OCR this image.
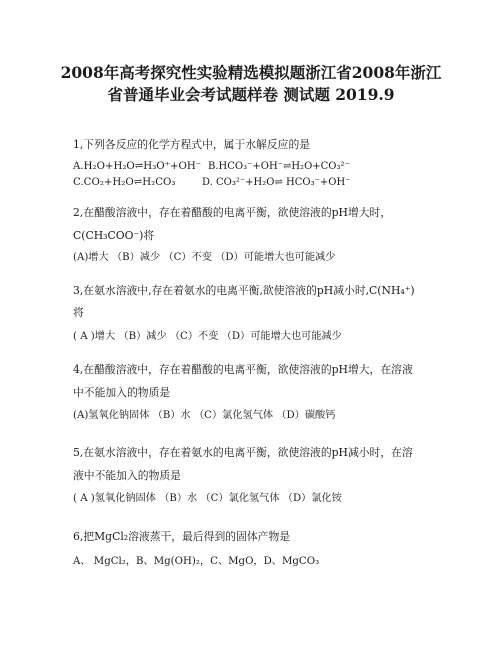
2008年高考探究性实验精选模拟题浙江省2008年浙江
省普通毕业会考试题样卷 测试题 2019.9
1,下列各反应的化学方程式中，属于水解反应的是
A.H₂O+H₂O⇌H₃O⁺+OH⁻ B.HCO₃⁻+OH⁻⇌H₂O+CO₃²⁻
C.CO₂+H₂O⇌H₂CO₃	D. CO₃²⁻+H₂O⇌ HCO₃⁻+OH⁻
2,在醋酸溶液中，存在着醋酸的电离平衡，欲使溶液的pH增大时，
C(CH₃COO⁻)将
(A)增大 （B）减少 （C）不变 （D）可能增大也可能减少
3,在氨水溶液中,存在着氨水的电离平衡,欲使溶液的pH减小时,C(NH₄⁺)
将
( A )增大 （B）减少 （C）不变 （D）可能增大也可能减少
4,在醋酸溶液中，存在着醋酸的电离平衡，欲使溶液的pH增大，在溶液
中不能加入的物质是
(A)氢氧化钠固体 （B）水 （C）氯化氢气体 （D）碳酸钙
5,在氨水溶液中，存在着氨水的电离平衡，欲使溶液的pH减小时，在溶
液中不能加入的物质是
( A )氢氧化钠固体 （B）水 （C）氯化氢气体 （D）氯化铵
6,把MgCl₂溶液蒸干，最后得到的固体产物是
A、 MgCl₂，B、Mg(OH)₂，C、MgO，D、MgCO₃
